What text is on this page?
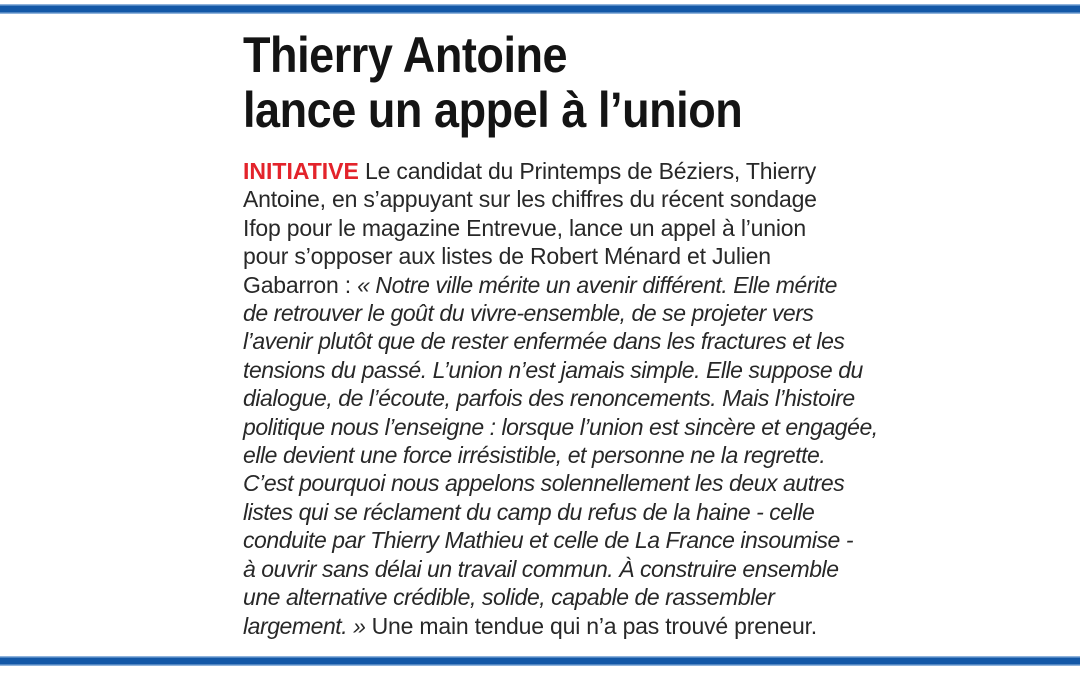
Thierry Antoine
lance un appel à l’union
INITIATIVE Le candidat du Printemps de Béziers, Thierry
Antoine, en s’appuyant sur les chiffres du récent sondage
Ifop pour le magazine Entrevue, lance un appel à l’union
pour s’opposer aux listes de Robert Ménard et Julien
Gabarron : « Notre ville mérite un avenir différent. Elle mérite
de retrouver le goût du vivre-ensemble, de se projeter vers
l’avenir plutôt que de rester enfermée dans les fractures et les
tensions du passé. L’union n’est jamais simple. Elle suppose du
dialogue, de l’écoute, parfois des renoncements. Mais l’histoire
politique nous l’enseigne : lorsque l’union est sincère et engagée,
elle devient une force irrésistible, et personne ne la regrette.
C’est pourquoi nous appelons solennellement les deux autres
listes qui se réclament du camp du refus de la haine - celle
conduite par Thierry Mathieu et celle de La France insoumise -
à ouvrir sans délai un travail commun. À construire ensemble
une alternative crédible, solide, capable de rassembler
largement. » Une main tendue qui n’a pas trouvé preneur.
